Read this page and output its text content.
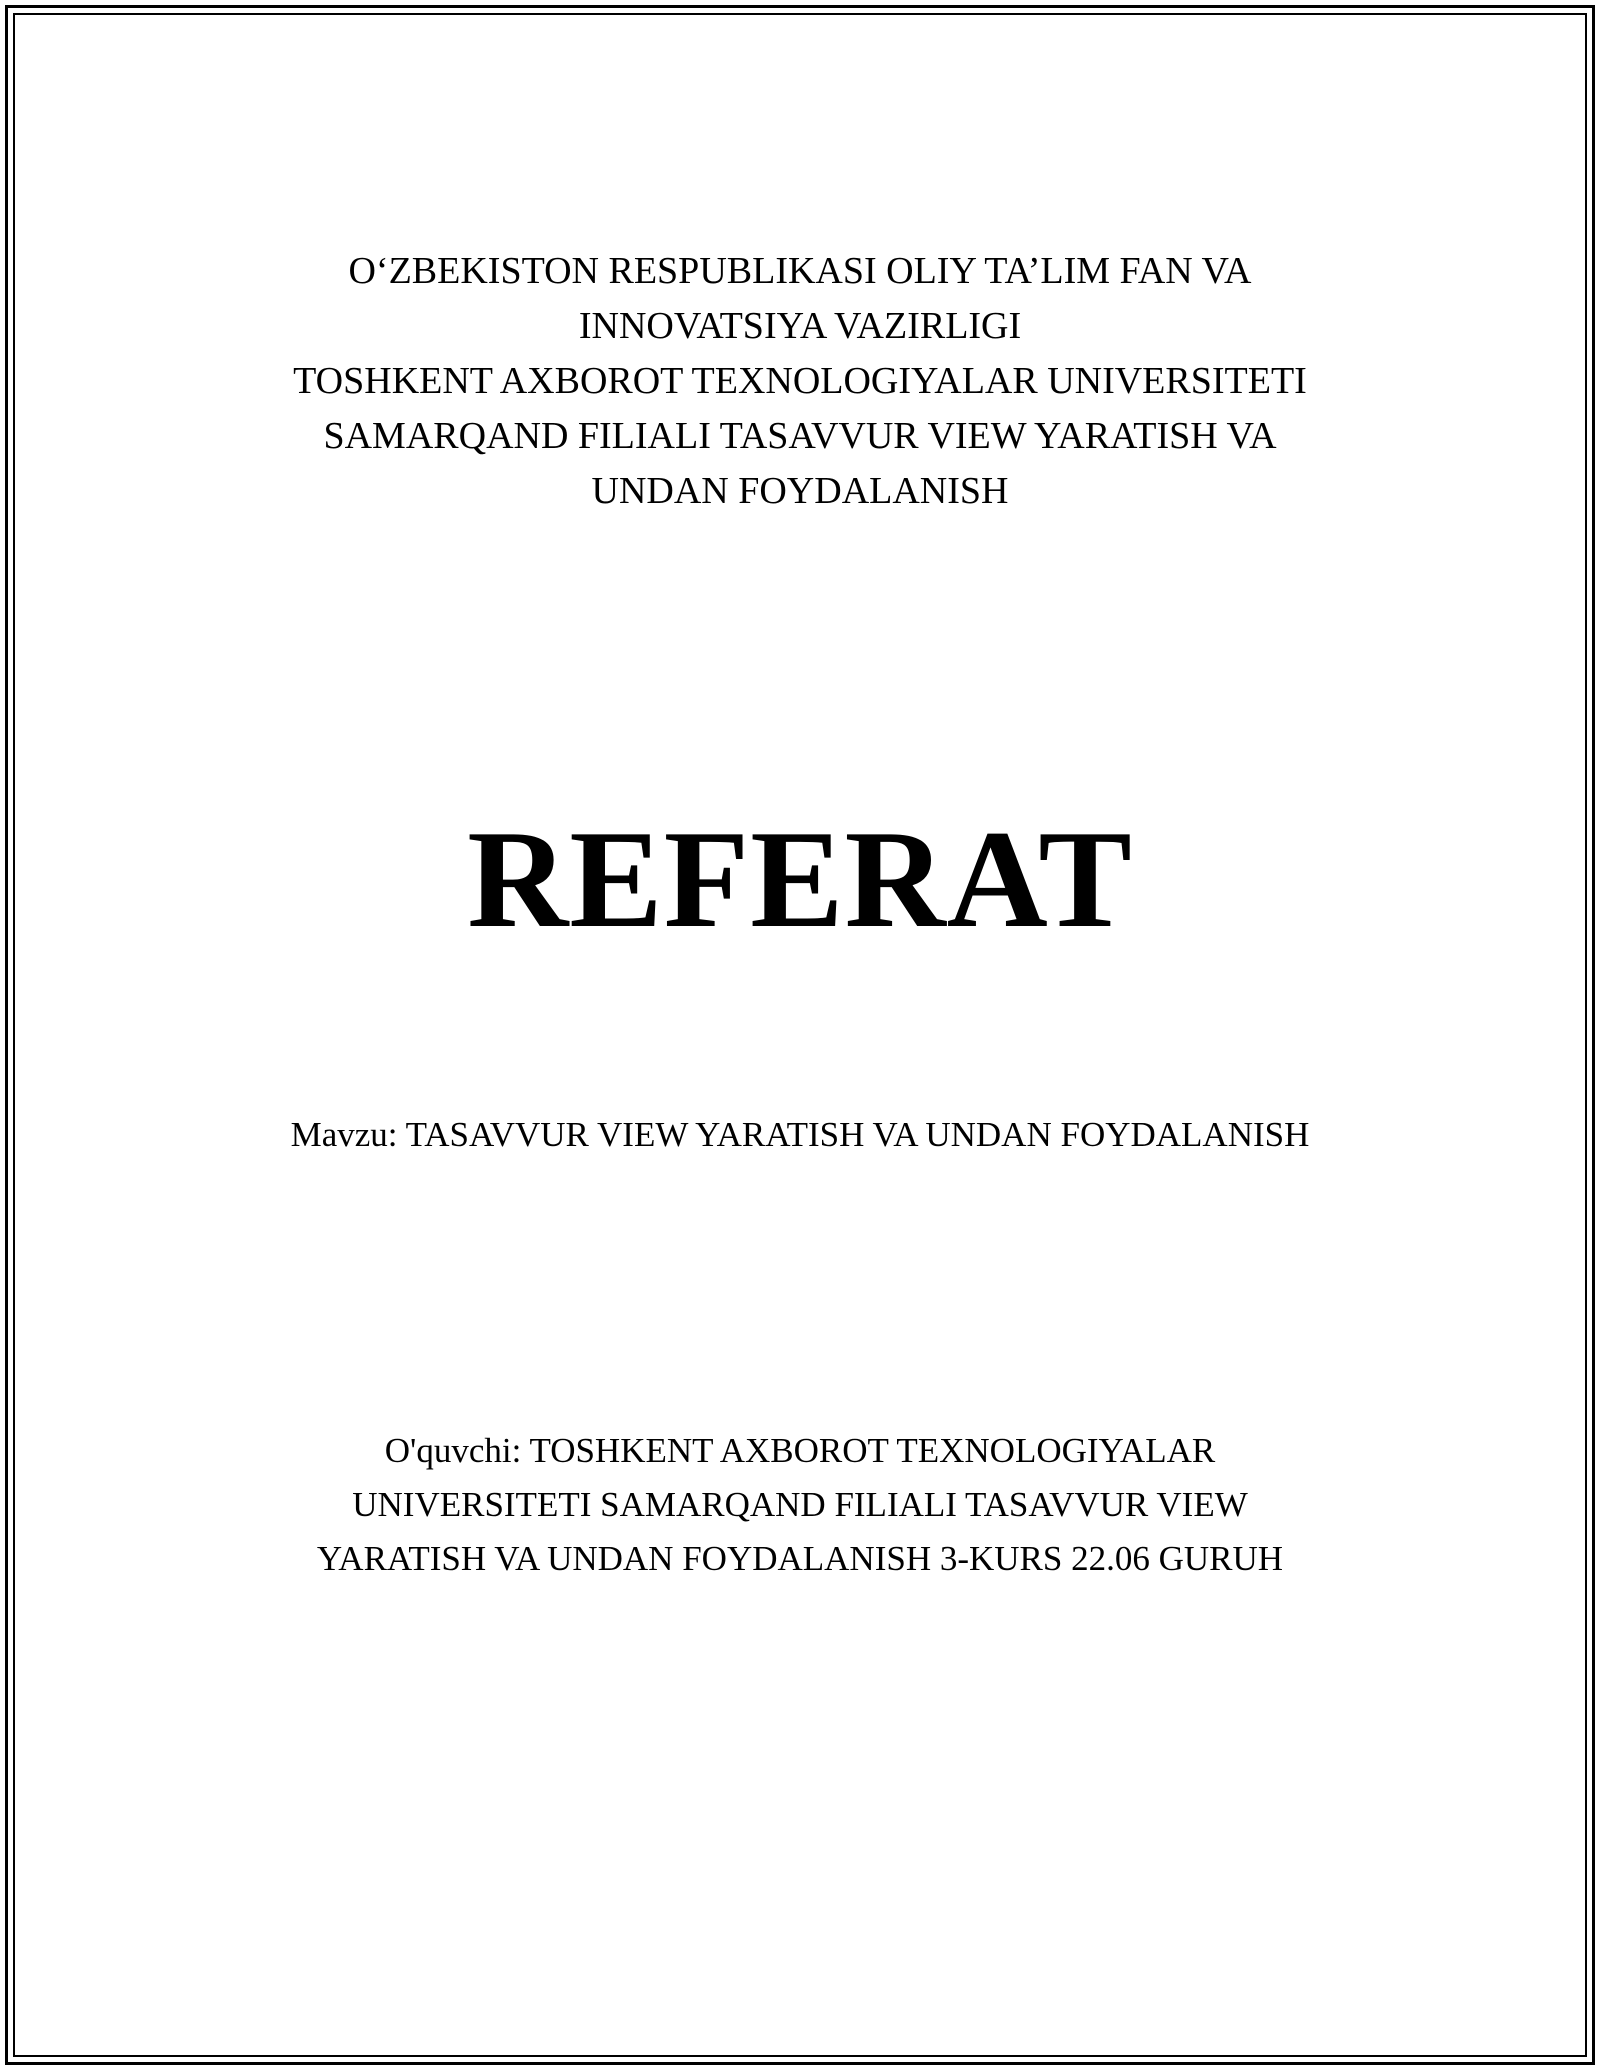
O‘ZBEKISTON RESPUBLIKASI OLIY TA’LIM FAN VA
INNOVATSIYA VAZIRLIGI
TOSHKENT AXBOROT TEXNOLOGIYALAR UNIVERSITETI
SAMARQAND FILIALI TASAVVUR VIEW YARATISH VA
UNDAN FOYDALANISH
REFERAT
Mavzu: TASAVVUR VIEW YARATISH VA UNDAN FOYDALANISH
O'quvchi: TOSHKENT AXBOROT TEXNOLOGIYALAR
UNIVERSITETI SAMARQAND FILIALI TASAVVUR VIEW
YARATISH VA UNDAN FOYDALANISH 3-KURS 22.06 GURUH
